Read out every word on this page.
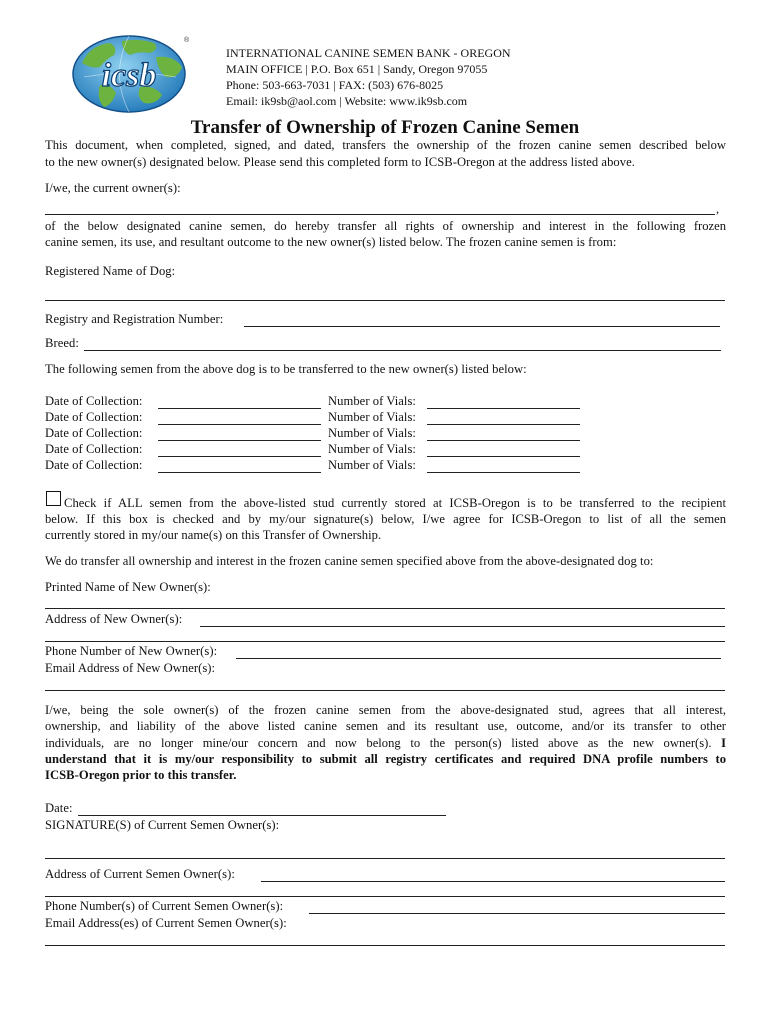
icsb
®
INTERNATIONAL CANINE SEMEN BANK - OREGON
MAIN OFFICE | P.O. Box 651 | Sandy, Oregon 97055
Phone: 503-663-7031 | FAX: (503) 676-8025
Email: ik9sb@aol.com | Website: www.ik9sb.com
Transfer of Ownership of Frozen Canine Semen
This document, when completed, signed, and dated, transfers the ownership of the frozen canine semen described below
to the new owner(s) designated below. Please send this completed form to ICSB-Oregon at the address listed above.
I/we, the current owner(s):
,
of the below designated canine semen, do hereby transfer all rights of ownership and interest in the following frozen
canine semen, its use, and resultant outcome to the new owner(s) listed below. The frozen canine semen is from:
Registered Name of Dog:
Registry and Registration Number:
Breed:
The following semen from the above dog is to be transferred to the new owner(s) listed below:
Date of Collection:	Number of Vials:
Date of Collection:	Number of Vials:
Date of Collection:	Number of Vials:
Date of Collection:	Number of Vials:
Date of Collection:	Number of Vials:
Check if ALL semen from the above-listed stud currently stored at ICSB-Oregon is to be transferred to the recipient
below. If this box is checked and by my/our signature(s) below, I/we agree for ICSB-Oregon to list of all the semen
currently stored in my/our name(s) on this Transfer of Ownership.
We do transfer all ownership and interest in the frozen canine semen specified above from the above-designated dog to:
Printed Name of New Owner(s):
Address of New Owner(s):
Phone Number of New Owner(s):
Email Address of New Owner(s):
I/we, being the sole owner(s) of the frozen canine semen from the above-designated stud, agrees that all interest,
ownership, and liability of the above listed canine semen and its resultant use, outcome, and/or its transfer to other
individuals, are no longer mine/our concern and now belong to the person(s) listed above as the new owner(s). I
understand that it is my/our responsibility to submit all registry certificates and required DNA profile numbers to
ICSB-Oregon prior to this transfer.
Date:
SIGNATURE(S) of Current Semen Owner(s):
Address of Current Semen Owner(s):
Phone Number(s) of Current Semen Owner(s):
Email Address(es) of Current Semen Owner(s):
